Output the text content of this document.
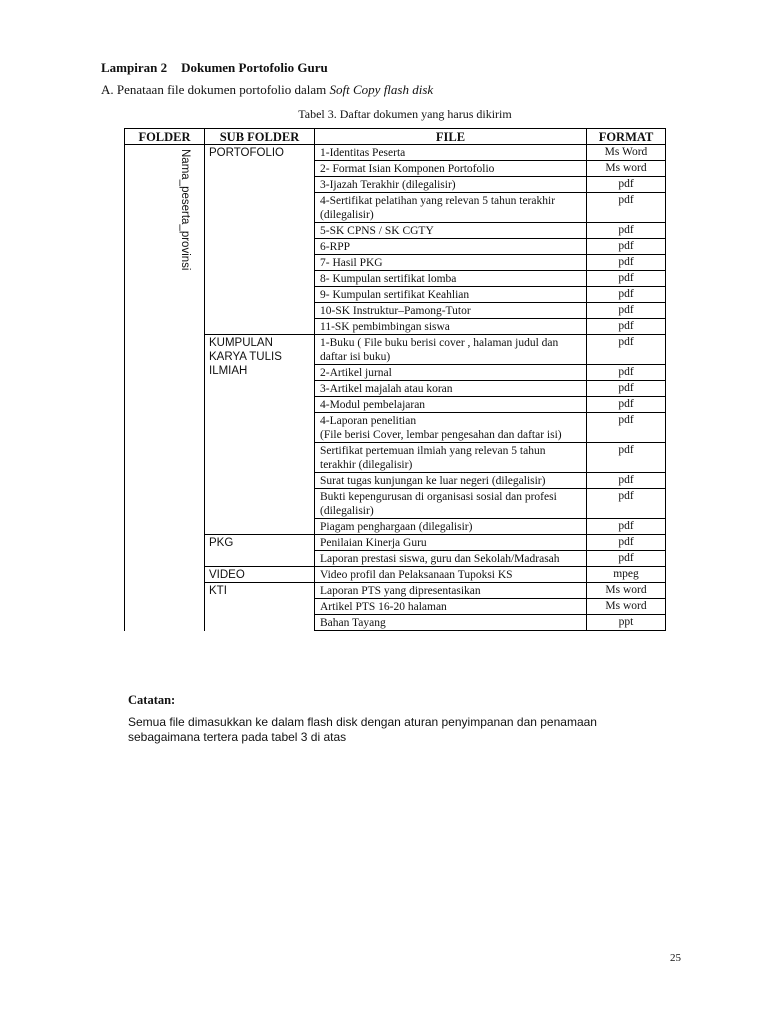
Lampiran 2 Dokumen Portofolio Guru
A. Penataan file dokumen portofolio dalam Soft Copy flash disk
Tabel 3. Daftar dokumen yang harus dikirim
FOLDER	SUB FOLDER	FILE	FORMAT

Nama_peserta_provinsi	PORTOFOLIO	1-Identitas Peserta	Ms Word
		2- Format Isian Komponen Portofolio	Ms word
		3-Ijazah Terakhir (dilegalisir)	pdf
		4-Sertifikat pelatihan yang relevan 5 tahun terakhir (dilegalisir)	pdf
		5-SK CPNS / SK CGTY	pdf
		6-RPP	pdf
		7- Hasil PKG	pdf
		8- Kumpulan sertifikat lomba	pdf
		9- Kumpulan sertifikat Keahlian	pdf
		10-SK Instruktur–Pamong-Tutor	pdf
		11-SK pembimbingan siswa	pdf
	KUMPULAN KARYA TULIS ILMIAH	1-Buku ( File buku berisi cover , halaman judul dan daftar isi buku)	pdf
		2-Artikel jurnal	pdf
		3-Artikel majalah atau koran	pdf
		4-Modul pembelajaran	pdf
		4-Laporan penelitian
(File berisi Cover, lembar pengesahan dan daftar isi)	pdf
		Sertifikat pertemuan ilmiah yang relevan 5 tahun terakhir (dilegalisir)	pdf
		Surat tugas kunjungan ke luar negeri (dilegalisir)	pdf
		Bukti kepengurusan di organisasi sosial dan profesi (dilegalisir)	pdf
		Piagam penghargaan (dilegalisir)	pdf
	PKG	Penilaian Kinerja Guru	pdf
		Laporan prestasi siswa, guru dan Sekolah/Madrasah	pdf
	VIDEO	Video profil dan Pelaksanaan Tupoksi KS	mpeg
	KTI	Laporan PTS yang dipresentasikan	Ms word
		Artikel PTS 16-20 halaman	Ms word
		Bahan Tayang	ppt
Catatan:
Semua file dimasukkan ke dalam flash disk dengan aturan penyimpanan dan penamaan sebagaimana tertera pada tabel 3 di atas
25
